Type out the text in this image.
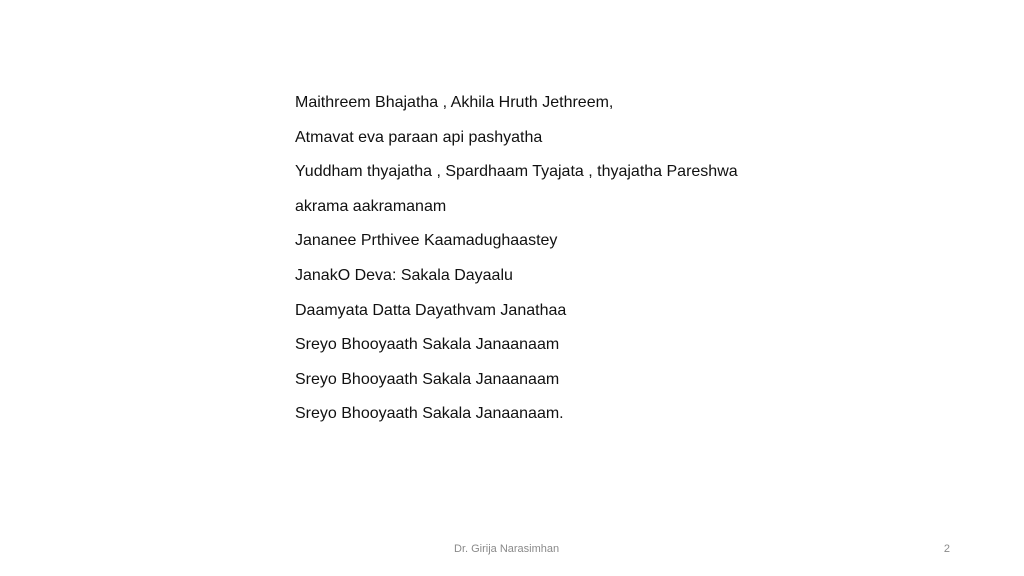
Maithreem Bhajatha , Akhila Hruth Jethreem,
Atmavat eva paraan api pashyatha
Yuddham thyajatha , Spardhaam Tyajata , thyajatha Pareshwa
akrama aakramanam
Jananee Prthivee Kaamadughaastey
JanakO Deva: Sakala Dayaalu
Daamyata Datta Dayathvam Janathaa
Sreyo Bhooyaath Sakala Janaanaam
Sreyo Bhooyaath Sakala Janaanaam
Sreyo Bhooyaath Sakala Janaanaam.
Dr. Girija Narasimhan	2
